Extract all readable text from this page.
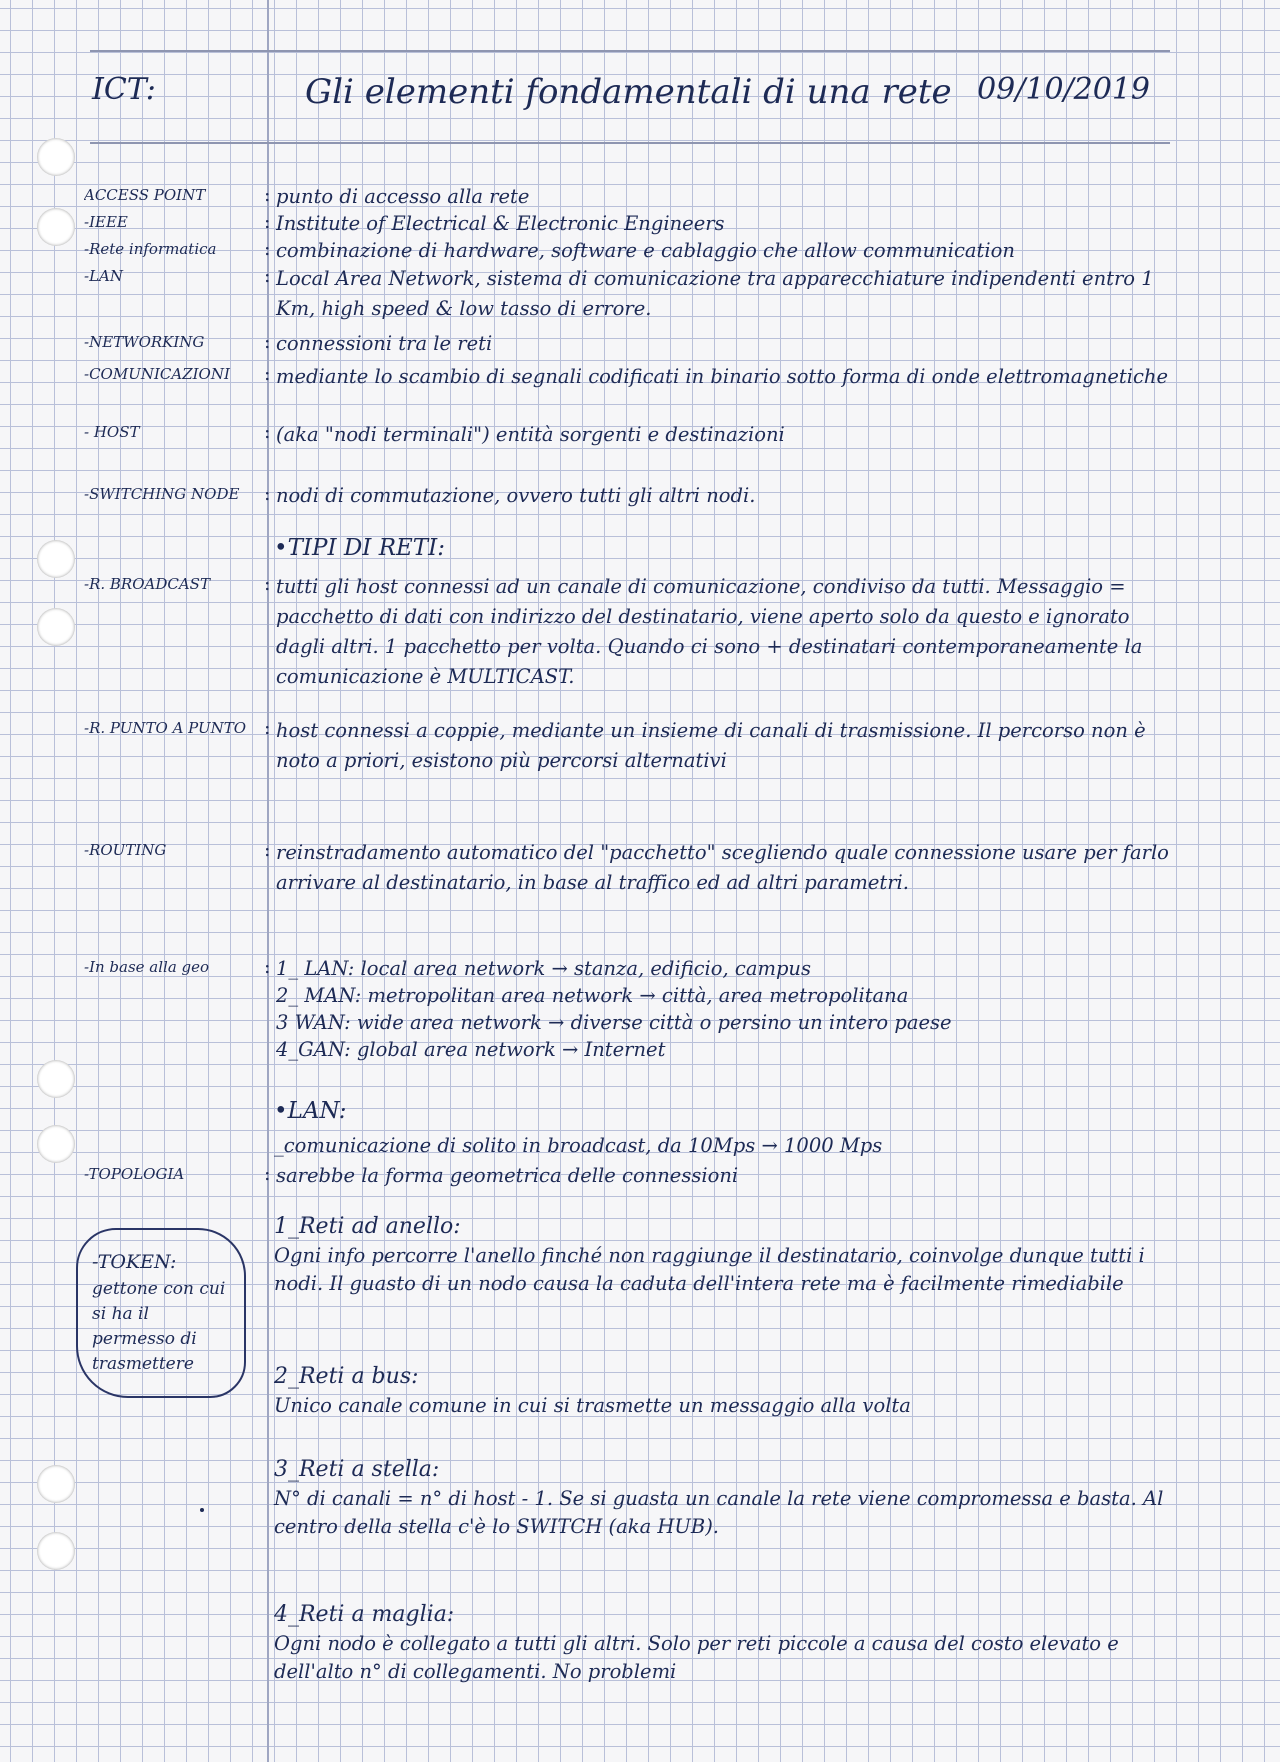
ICT:	Gli elementi fondamentali di una rete 09/10/2019
ACCESS POINT	: punto di accesso alla rete
-IEEE	: Institute of Electrical & Electronic Engineers
-Rete informatica	: combinazione di hardware, software e cablaggio che allow communication
-LAN	: Local Area Network, sistema di comunicazione tra apparecchiature indipendenti entro 1 Km, high speed & low tasso di errore.
-NETWORKING	: connessioni tra le reti
-COMUNICAZIONI	: mediante lo scambio di segnali codificati in binario sotto forma di onde elettromagnetiche
- HOST	: (aka "nodi terminali") entità sorgenti e destinazioni
-SWITCHING NODE	: nodi di commutazione, ovvero tutti gli altri nodi.
•TIPI DI RETI:
-R. BROADCAST	: tutti gli host connessi ad un canale di comunicazione, condiviso da tutti. Messaggio = pacchetto di dati con indirizzo del destinatario, viene aperto solo da questo e ignorato dagli altri. 1 pacchetto per volta. Quando ci sono + destinatari contemporaneamente la comunicazione è MULTICAST.
-R. PUNTO A PUNTO : host connessi a coppie, mediante un insieme di canali di trasmissione. Il percorso non è noto a priori, esistono più percorsi alternativi
-ROUTING	: reinstradamento automatico del "pacchetto" scegliendo quale connessione usare per farlo arrivare al destinatario, in base al traffico ed ad altri parametri.
-In base alla geo	: 1_ LAN: local area network → stanza, edificio, campus
2_ MAN: metropolitan area network → città, area metropolitana
3 WAN: wide area network → diverse città o persino un intero paese
4_GAN: global area network → Internet
•LAN:
_comunicazione di solito in broadcast, da 10Mps → 1000 Mps
-TOPOLOGIA	: sarebbe la forma geometrica delle connessioni
-TOKEN:
gettone con cui si ha il permesso di trasmettere
1_Reti ad anello:
Ogni info percorre l'anello finché non raggiunge il destinatario, coinvolge dunque tutti i nodi. Il guasto di un nodo causa la caduta dell'intera rete ma è facilmente rimediabile
2_Reti a bus:
Unico canale comune in cui si trasmette un messaggio alla volta
3_Reti a stella:
N° di canali = n° di host - 1. Se si guasta un canale la rete viene compromessa e basta. Al centro della stella c'è lo SWITCH (aka HUB).
4_Reti a maglia:
Ogni nodo è collegato a tutti gli altri. Solo per reti piccole a causa del costo elevato e dell'alto n° di collegamenti. No problemi
